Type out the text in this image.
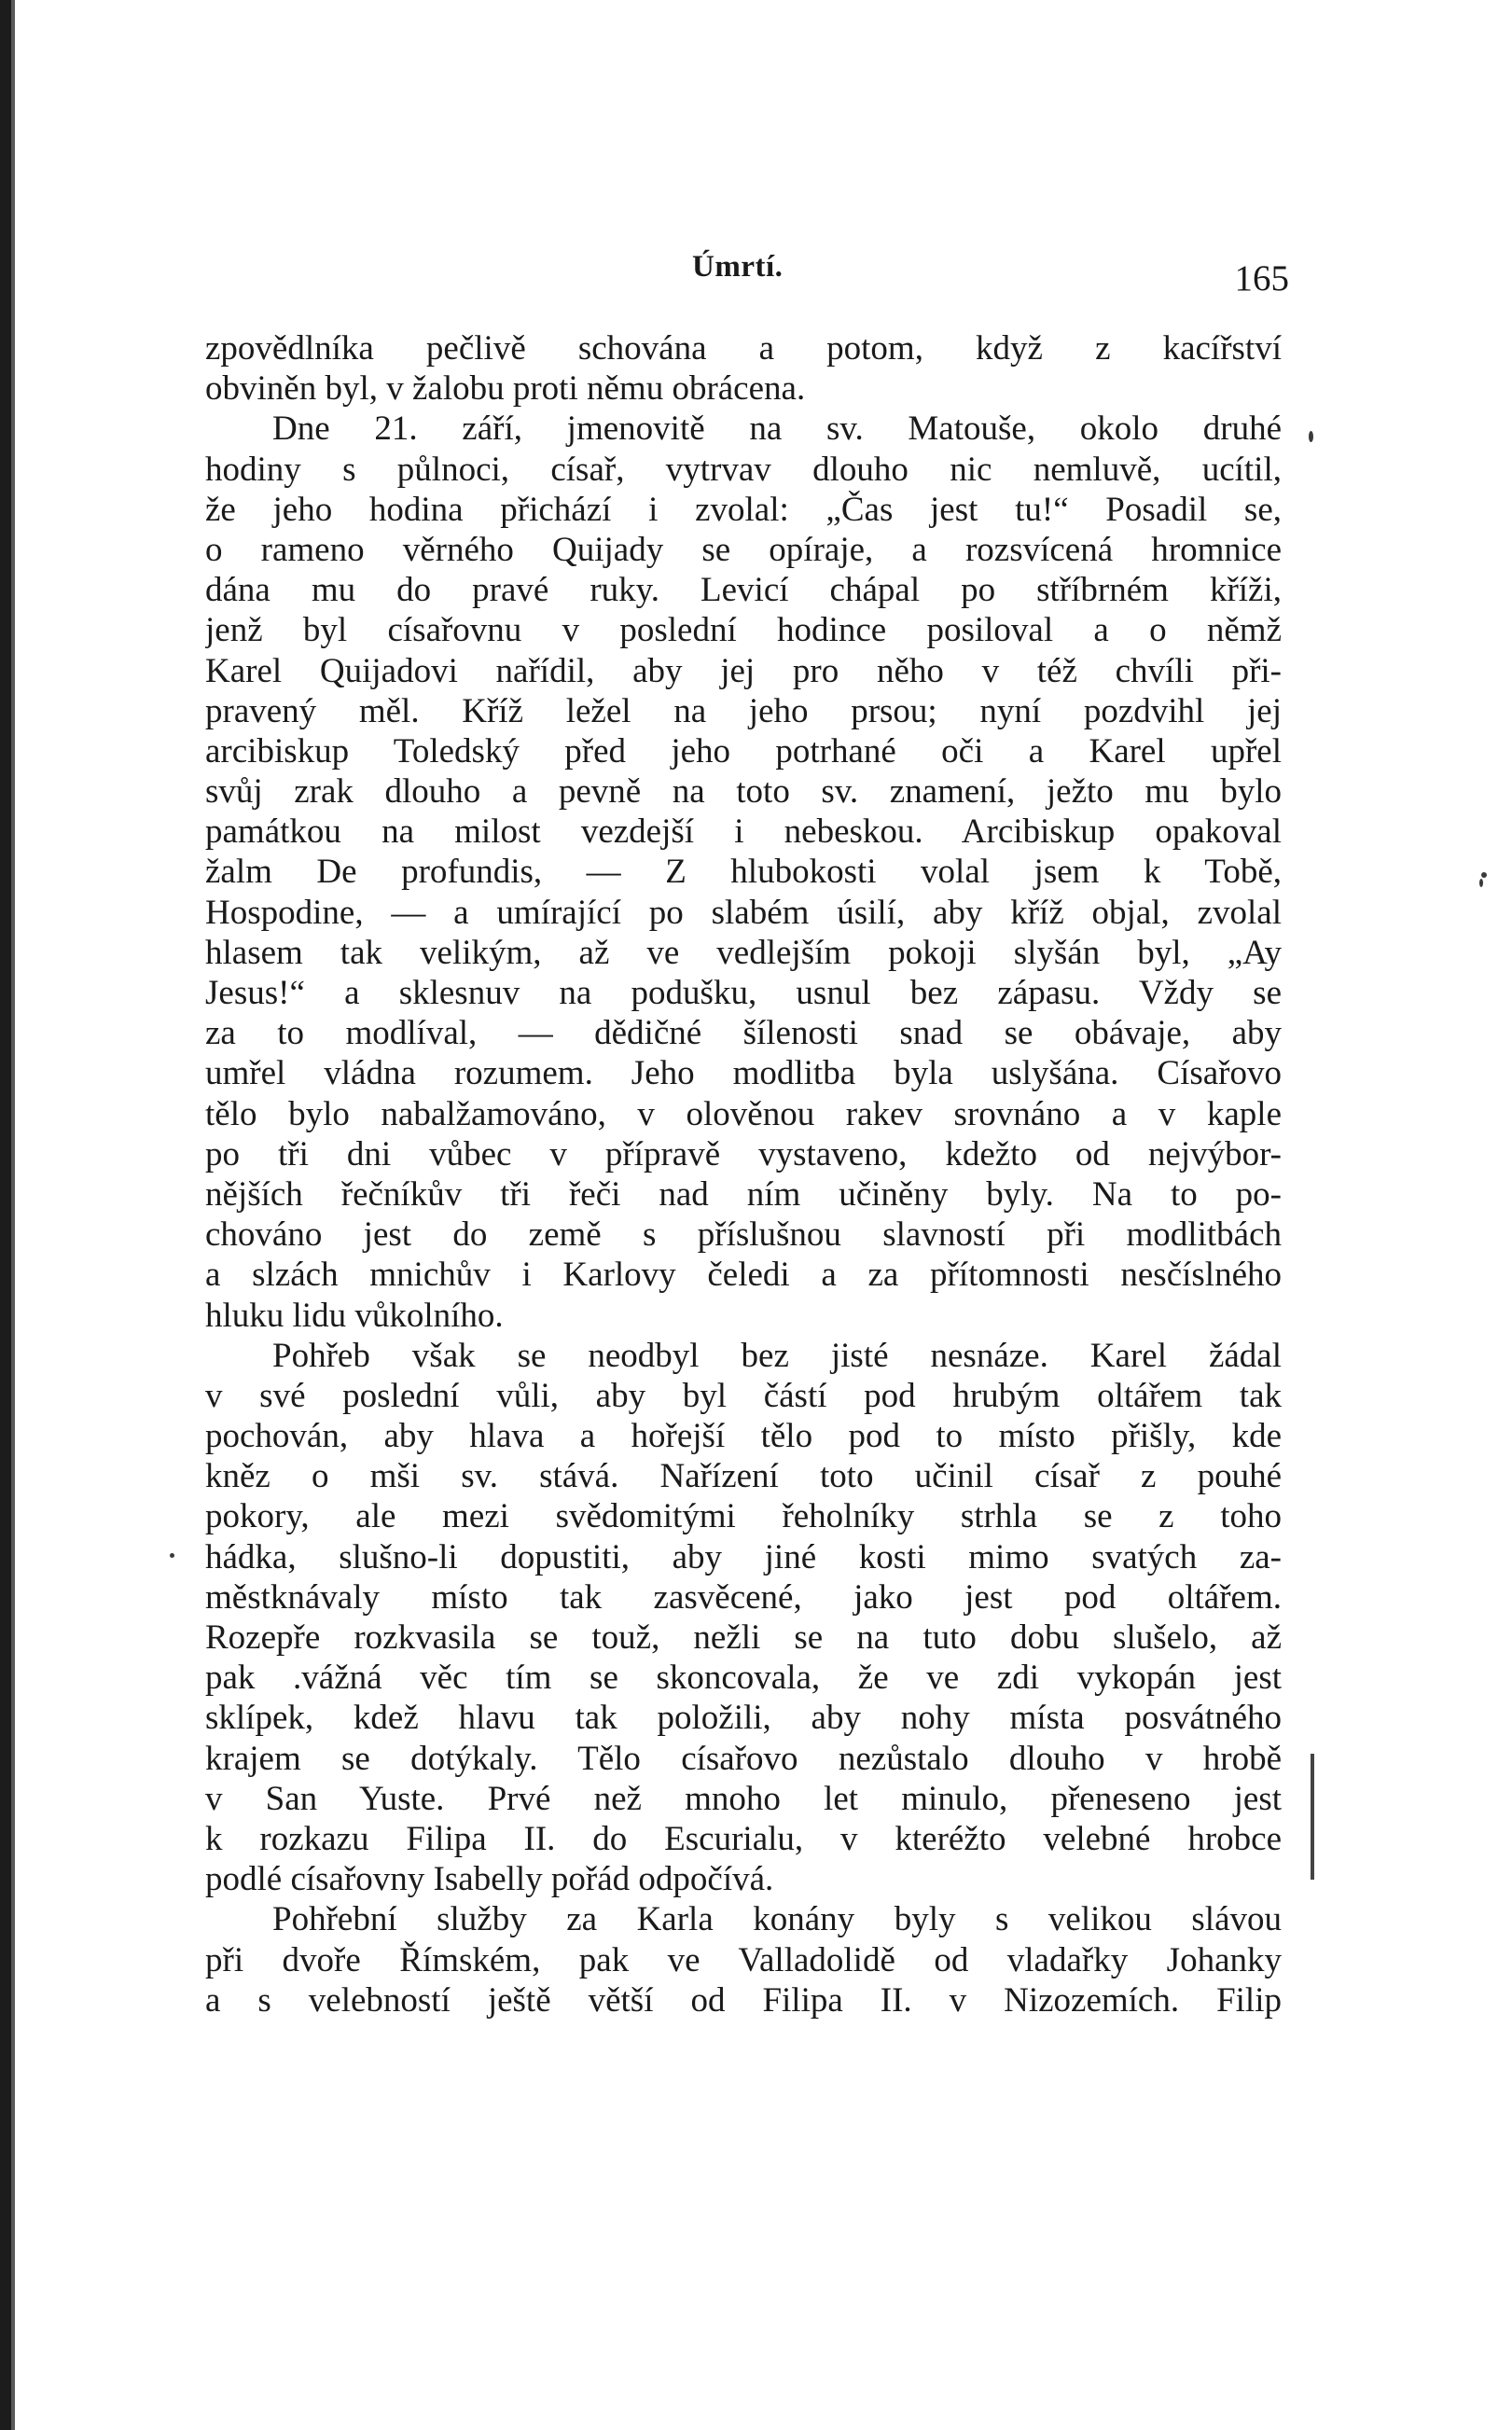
Úmrtí.	165
zpovědlníka pečlivě schována a potom, když z kacířství
obviněn byl, v žalobu proti němu obrácena.
Dne 21. září, jmenovitě na sv. Matouše, okolo druhé
hodiny s půlnoci, císař, vytrvav dlouho nic nemluvě, ucítil,
že jeho hodina přichází i zvolal: „Čas jest tu!“ Posadil se,
o rameno věrného Quijady se opíraje, a rozsvícená hromnice
dána mu do pravé ruky. Levicí chápal po stříbrném kříži,
jenž byl císařovnu v poslední hodince posiloval a o němž
Karel Quijadovi nařídil, aby jej pro něho v též chvíli při-
pravený měl. Kříž ležel na jeho prsou; nyní pozdvihl jej
arcibiskup Toledský před jeho potrhané oči a Karel upřel
svůj zrak dlouho a pevně na toto sv. znamení, ježto mu bylo
památkou na milost vezdejší i nebeskou. Arcibiskup opakoval
žalm De profundis, — Z hlubokosti volal jsem k Tobě,
Hospodine, — a umírající po slabém úsilí, aby kříž objal, zvolal
hlasem tak velikým, až ve vedlejším pokoji slyšán byl, „Ay
Jesus!“ a sklesnuv na podušku, usnul bez zápasu. Vždy se
za to modlíval, — dědičné šílenosti snad se obávaje, aby
umřel vládna rozumem. Jeho modlitba byla uslyšána. Císařovo
tělo bylo nabalžamováno, v olověnou rakev srovnáno a v kaple
po tři dni vůbec v přípravě vystaveno, kdežto od nejvýbor-
nějších řečníkův tři řeči nad ním učiněny byly. Na to po-
chováno jest do země s příslušnou slavností při modlitbách
a slzách mnichův i Karlovy čeledi a za přítomnosti nesčíslného
hluku lidu vůkolního.
Pohřeb však se neodbyl bez jisté nesnáze. Karel žádal
v své poslední vůli, aby byl částí pod hrubým oltářem tak
pochován, aby hlava a hořejší tělo pod to místo přišly, kde
kněz o mši sv. stává. Nařízení toto učinil císař z pouhé
pokory, ale mezi svědomitými řeholníky strhla se z toho
hádka, slušno-li dopustiti, aby jiné kosti mimo svatých za-
městknávaly místo tak zasvěcené, jako jest pod oltářem.
Rozepře rozkvasila se touž, nežli se na tuto dobu slušelo, až
pak .vážná věc tím se skoncovala, že ve zdi vykopán jest
sklípek, kdež hlavu tak položili, aby nohy místa posvátného
krajem se dotýkaly. Tělo císařovo nezůstalo dlouho v hrobě
v San Yuste. Prvé než mnoho let minulo, přeneseno jest
k rozkazu Filipa II. do Escurialu, v kteréžto velebné hrobce
podlé císařovny Isabelly pořád odpočívá.
Pohřební služby za Karla konány byly s velikou slávou
při dvoře Římském, pak ve Valladolidě od vladařky Johanky
a s velebností ještě větší od Filipa II. v Nizozemích. Filip
